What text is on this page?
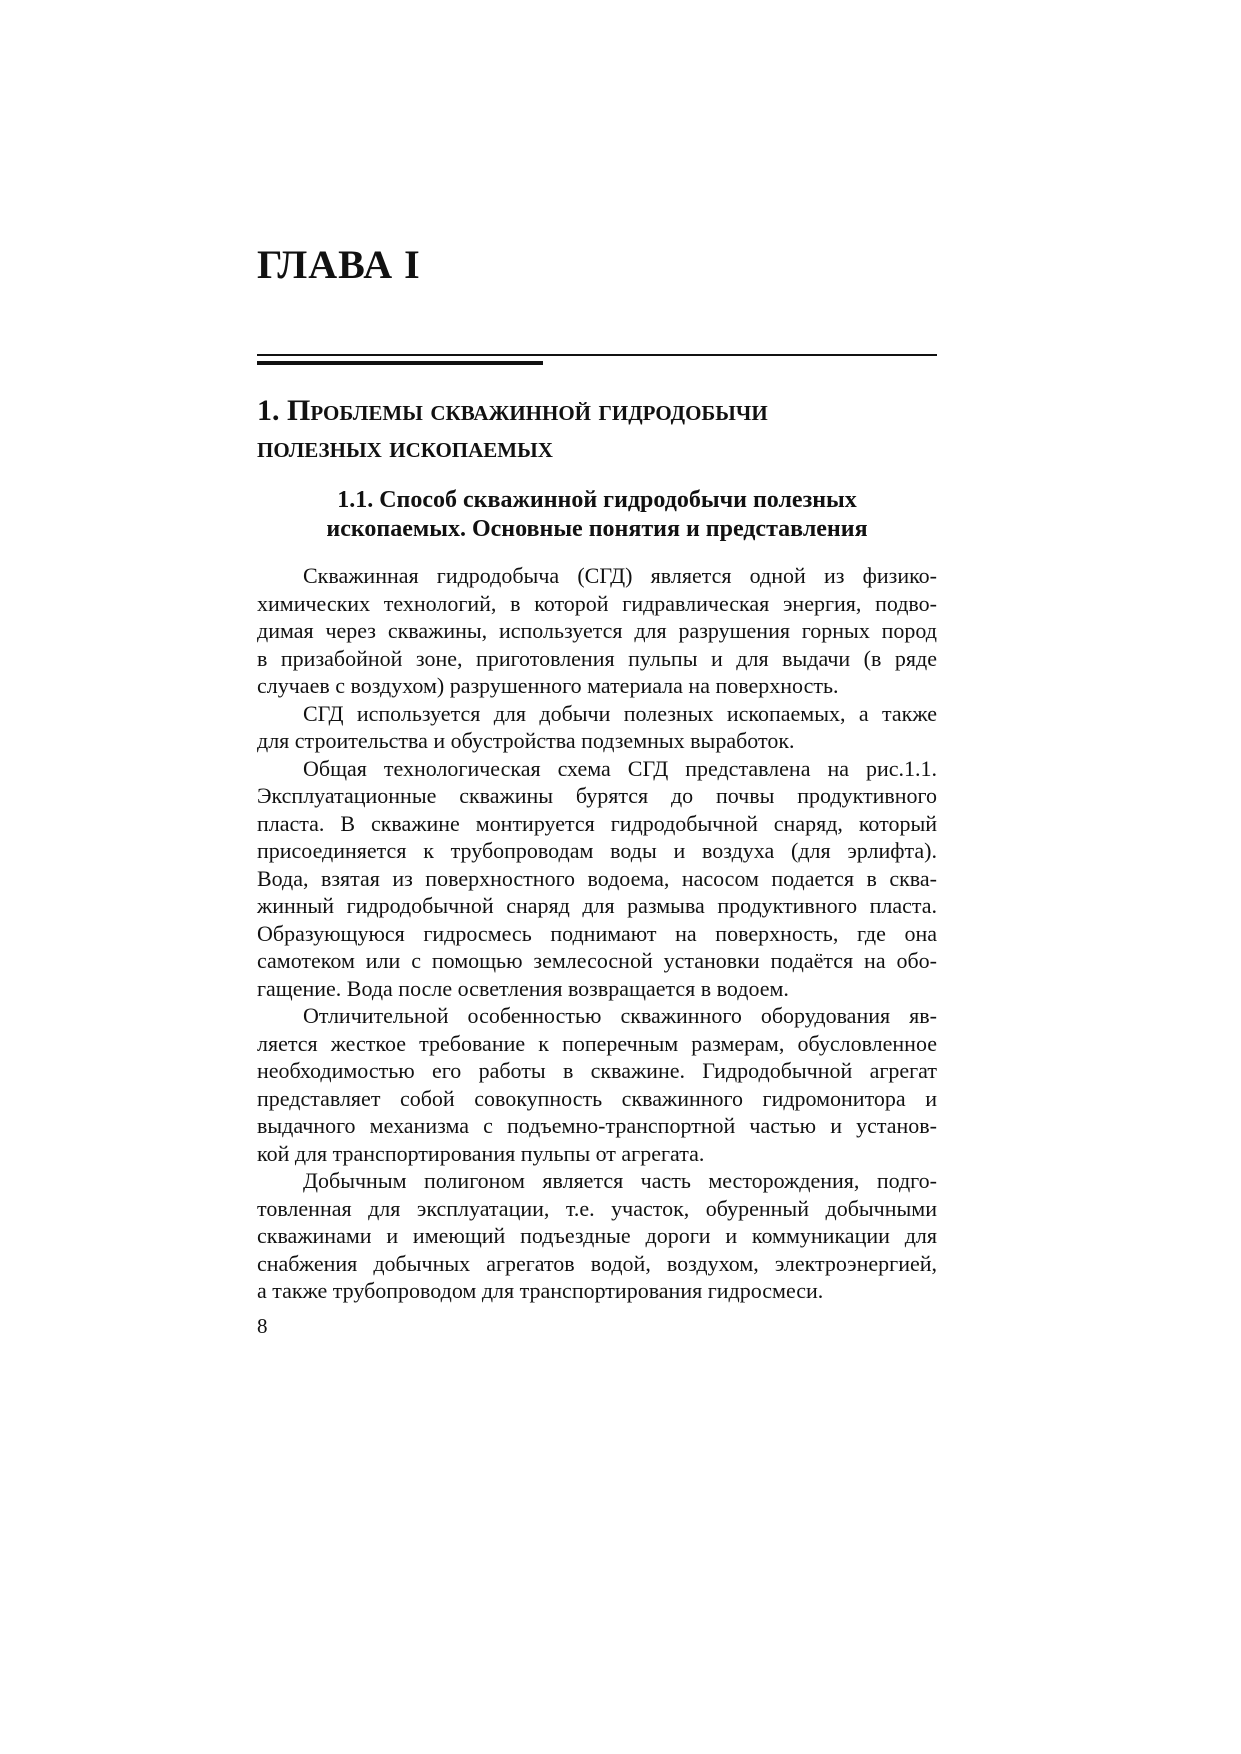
ГЛАВА I
1. Проблемы скважинной гидродобычи
полезных ископаемых
1.1. Способ скважинной гидродобычи полезных
ископаемых. Основные понятия и представления
Скважинная гидродобыча (СГД) является одной из физико-
химических технологий, в которой гидравлическая энергия, подво-
димая через скважины, используется для разрушения горных пород
в призабойной зоне, приготовления пульпы и для выдачи (в ряде
случаев с воздухом) разрушенного материала на поверхность.
СГД используется для добычи полезных ископаемых, а также
для строительства и обустройства подземных выработок.
Общая технологическая схема СГД представлена на рис.1.1.
Эксплуатационные скважины бурятся до почвы продуктивного
пласта. В скважине монтируется гидродобычной снаряд, который
присоединяется к трубопроводам воды и воздуха (для эрлифта).
Вода, взятая из поверхностного водоема, насосом подается в сква-
жинный гидродобычной снаряд для размыва продуктивного пласта.
Образующуюся гидросмесь поднимают на поверхность, где она
самотеком или с помощью землесосной установки подаётся на обо-
гащение. Вода после осветления возвращается в водоем.
Отличительной особенностью скважинного оборудования яв-
ляется жесткое требование к поперечным размерам, обусловленное
необходимостью его работы в скважине. Гидродобычной агрегат
представляет собой совокупность скважинного гидромонитора и
выдачного механизма с подъемно-транспортной частью и установ-
кой для транспортирования пульпы от агрегата.
Добычным полигоном является часть месторождения, подго-
товленная для эксплуатации, т.е. участок, обуренный добычными
скважинами и имеющий подъездные дороги и коммуникации для
снабжения добычных агрегатов водой, воздухом, электроэнергией,
а также трубопроводом для транспортирования гидросмеси.
8
